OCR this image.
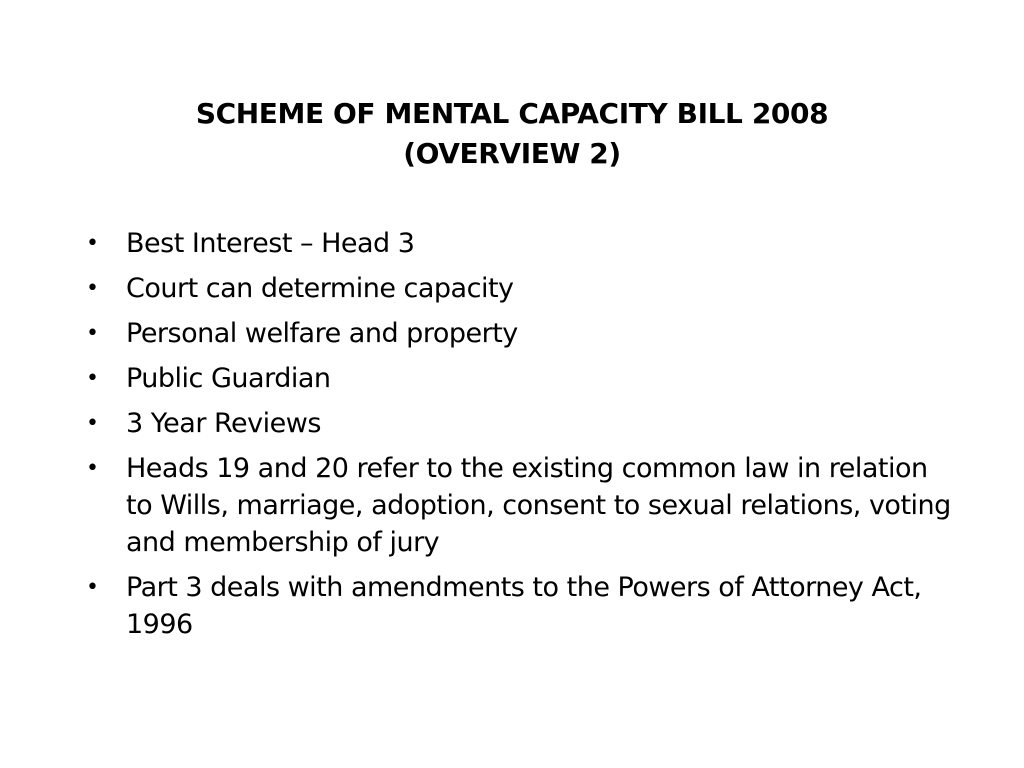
SCHEME OF MENTAL CAPACITY BILL 2008
(OVERVIEW 2)
• Best Interest – Head 3
• Court can determine capacity
• Personal welfare and property
• Public Guardian
• 3 Year Reviews
• Heads 19 and 20 refer to the existing common law in relation to Wills, marriage, adoption, consent to sexual relations, voting and membership of jury
• Part 3 deals with amendments to the Powers of Attorney Act, 1996
